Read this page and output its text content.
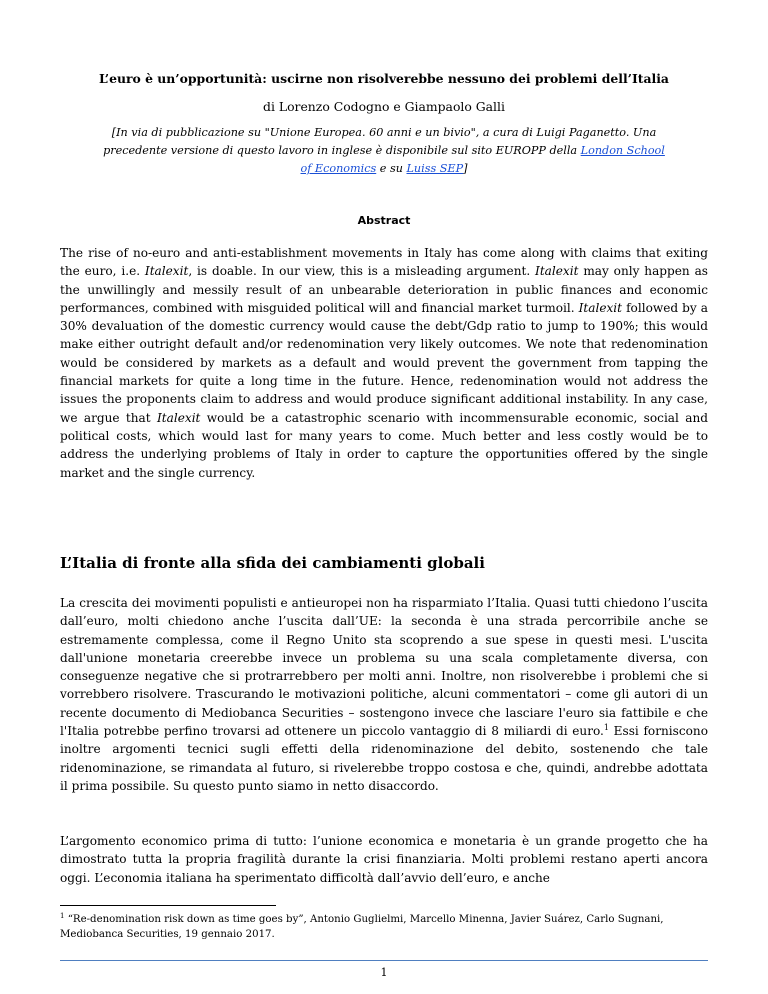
L’euro è un’opportunità: uscirne non risolverebbe nessuno dei problemi dell’Italia
di Lorenzo Codogno e Giampaolo Galli
[In via di pubblicazione su "Unione Europea. 60 anni e un bivio", a cura di Luigi Paganetto. Una precedente versione di questo lavoro in inglese è disponibile sul sito EUROPP della London School of Economics e su Luiss SEP]
Abstract

The rise of no-euro and anti-establishment movements in Italy has come along with claims that exiting the euro, i.e. Italexit, is doable. In our view, this is a misleading argument. Italexit may only happen as the unwillingly and messily result of an unbearable deterioration in public finances and economic performances, combined with misguided political will and financial market turmoil. Italexit followed by a 30% devaluation of the domestic currency would cause the debt/Gdp ratio to jump to 190%; this would make either outright default and/or redenomination very likely outcomes. We note that redenomination would be considered by markets as a default and would prevent the government from tapping the financial markets for quite a long time in the future. Hence, redenomination would not address the issues the proponents claim to address and would produce significant additional instability. In any case, we argue that Italexit would be a catastrophic scenario with incommensurable economic, social and political costs, which would last for many years to come. Much better and less costly would be to address the underlying problems of Italy in order to capture the opportunities offered by the single market and the single currency.

L’Italia di fronte alla sfida dei cambiamenti globali

La crescita dei movimenti populisti e antieuropei non ha risparmiato l’Italia. Quasi tutti chiedono l’uscita dall’euro, molti chiedono anche l’uscita dall’UE: la seconda è una strada percorribile anche se estremamente complessa, come il Regno Unito sta scoprendo a sue spese in questi mesi. L'uscita dall'unione monetaria creerebbe invece un problema su una scala completamente diversa, con conseguenze negative che si protrarrebbero per molti anni. Inoltre, non risolverebbe i problemi che si vorrebbero risolvere. Trascurando le motivazioni politiche, alcuni commentatori – come gli autori di un recente documento di Mediobanca Securities – sostengono invece che lasciare l'euro sia fattibile e che l'Italia potrebbe perfino trovarsi ad ottenere un piccolo vantaggio di 8 miliardi di euro.$^1$ Essi forniscono inoltre argomenti tecnici sugli effetti della ridenominazione del debito, sostenendo che tale ridenominazione, se rimandata al futuro, si rivelerebbe troppo costosa e che, quindi, andrebbe adottata il prima possibile. Su questo punto siamo in netto disaccordo.

L’argomento economico prima di tutto: l’unione economica e monetaria è un grande progetto che ha dimostrato tutta la propria fragilità durante la crisi finanziaria. Molti problemi restano aperti ancora oggi. L’economia italiana ha sperimentato difficoltà dall’avvio dell’euro, e anche

$^1$ “Re-denomination risk down as time goes by”, Antonio Guglielmi, Marcello Minenna, Javier Suárez, Carlo Sugnani, Mediobanca Securities, 19 gennaio 2017.

1
